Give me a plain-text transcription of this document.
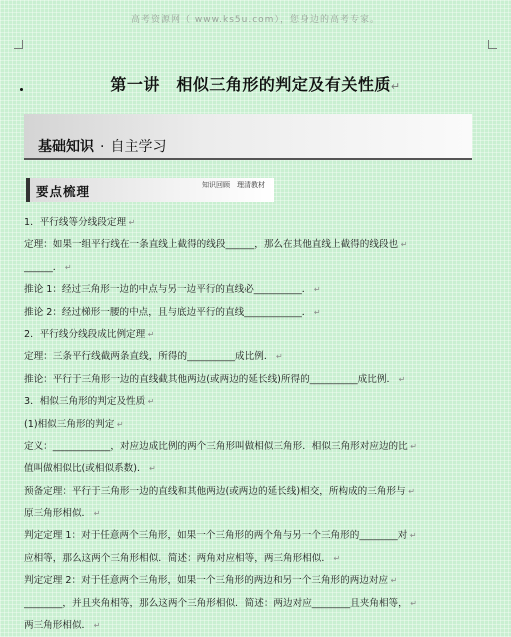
高考资源网（ www.ks5u.com），您身边的高考专家。
第一讲　相似三角形的判定及有关性质↵
基础知识 · 自主学习
要点梳理	知识回顾　理清教材
1．平行线等分线段定理 ↵
定理：如果一组平行线在一条直线上截得的线段______，那么在其他直线上截得的线段也 ↵
______． ↵
推论 1：经过三角形一边的中点与另一边平行的直线必__________． ↵
推论 2：经过梯形一腰的中点，且与底边平行的直线____________． ↵
2．平行线分线段成比例定理 ↵
定理：三条平行线截两条直线，所得的__________成比例． ↵
推论：平行于三角形一边的直线截其他两边(或两边的延长线)所得的__________成比例． ↵
3．相似三角形的判定及性质 ↵
(1)相似三角形的判定 ↵
定义：____________，对应边成比例的两个三角形叫做相似三角形．相似三角形对应边的比 ↵
值叫做相似比(或相似系数)． ↵
预备定理：平行于三角形一边的直线和其他两边(或两边的延长线)相交，所构成的三角形与 ↵
原三角形相似． ↵
判定定理 1：对于任意两个三角形，如果一个三角形的两个角与另一个三角形的________对 ↵
应相等，那么这两个三角形相似．简述：两角对应相等，两三角形相似． ↵
判定定理 2：对于任意两个三角形，如果一个三角形的两边和另一个三角形的两边对应 ↵
________，并且夹角相等，那么这两个三角形相似．简述：两边对应________且夹角相等， ↵
两三角形相似． ↵
